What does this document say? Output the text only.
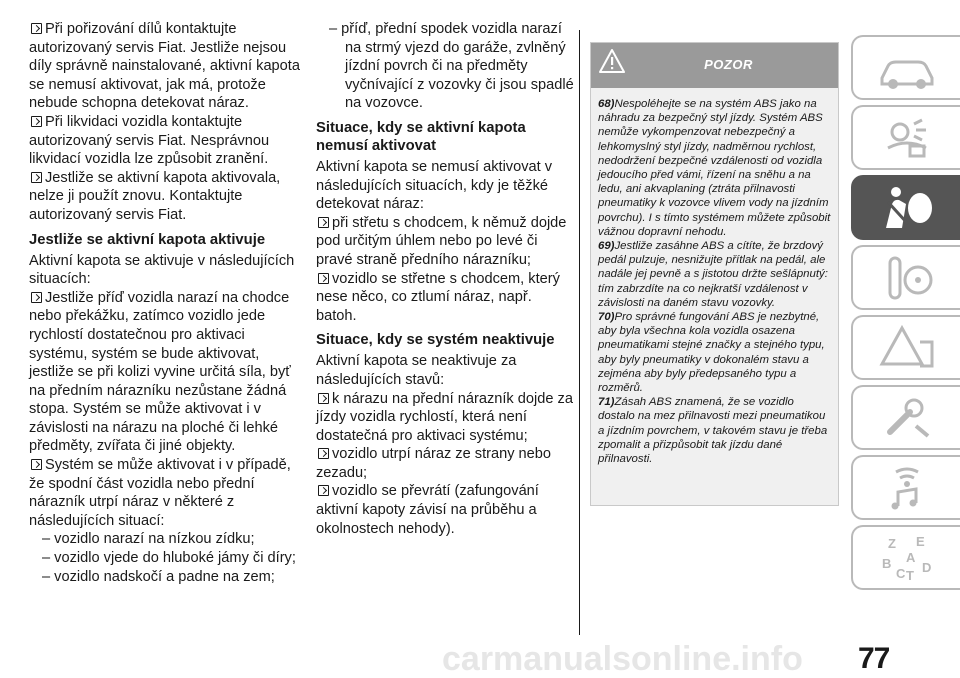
Při pořizování dílů kontaktujte autorizovaný servis Fiat. Jestliže nejsou díly správně nainstalované, aktivní kapota se nemusí aktivovat, jak má, protože nebude schopna detekovat náraz.

Při likvidaci vozidla kontaktujte autorizovaný servis Fiat. Nesprávnou likvidací vozidla lze způsobit zranění.

Jestliže se aktivní kapota aktivovala, nelze ji použít znovu. Kontaktujte autorizovaný servis Fiat.

Jestliže se aktivní kapota aktivuje

Aktivní kapota se aktivuje v následujících situacích:

Jestliže příď vozidla narazí na chodce nebo překážku, zatímco vozidlo jede rychlostí dostatečnou pro aktivaci systému, systém se bude aktivovat, jestliže se při kolizi vyvine určitá síla, byť na předním nárazníku nezůstane žádná stopa. Systém se může aktivovat i v závislosti na nárazu na ploché či lehké předměty, zvířata či jiné objekty.

Systém se může aktivovat i v případě, že spodní část vozidla nebo přední nárazník utrpí náraz v některé z následujících situací:

– vozidlo narazí na nízkou zídku;

– vozidlo vjede do hluboké jámy či díry;

– vozidlo nadskočí a padne na zem;

– příď, přední spodek vozidla narazí na strmý vjezd do garáže, zvlněný jízdní povrch či na předměty vyčnívající z vozovky či jsou spadlé na vozovce.

Situace, kdy se aktivní kapota nemusí aktivovat

Aktivní kapota se nemusí aktivovat v následujících situacích, kdy je těžké detekovat náraz:

při střetu s chodcem, k němuž dojde pod určitým úhlem nebo po levé či pravé straně předního nárazníku;

vozidlo se střetne s chodcem, který nese něco, co ztlumí náraz, např. batoh.

Situace, kdy se systém neaktivuje

Aktivní kapota se neaktivuje za následujících stavů:

k nárazu na přední nárazník dojde za jízdy vozidla rychlostí, která není dostatečná pro aktivaci systému;

vozidlo utrpí náraz ze strany nebo zezadu;

vozidlo se převrátí (zafungování aktivní kapoty závisí na průběhu a okolnostech nehody).

POZOR

68)Nespoléhejte se na systém ABS jako na náhradu za bezpečný styl jízdy. Systém ABS nemůže vykompenzovat nebezpečný a lehkomyslný styl jízdy, nadměrnou rychlost, nedodržení bezpečné vzdálenosti od vozidla jedoucího před vámi, řízení na sněhu a na ledu, ani akvaplaning (ztráta přilnavosti pneumatiky k vozovce vlivem vody na jízdním povrchu). I s tímto systémem můžete způsobit vážnou dopravní nehodu.

69)Jestliže zasáhne ABS a cítíte, že brzdový pedál pulzuje, nesnižujte přítlak na pedál, ale nadále jej pevně a s jistotou držte sešlápnutý: tím zabrzdíte na co nejkratší vzdálenost v závislosti na daném stavu vozovky.

70)Pro správné fungování ABS je nezbytné, aby byla všechna kola vozidla osazena pneumatikami stejné značky a stejného typu, aby byly pneumatiky v dokonalém stavu a zejména aby byly předepsaného typu a rozměrů.

71)Zásah ABS znamená, že se vozidlo dostalo na mez přilnavosti mezi pneumatikou a jízdním povrchem, v takovém stavu je třeba zpomalit a přizpůsobit tak jízdu dané přilnavosti.

Z E
B
C T
A
D
carmanualsonline.info 77
